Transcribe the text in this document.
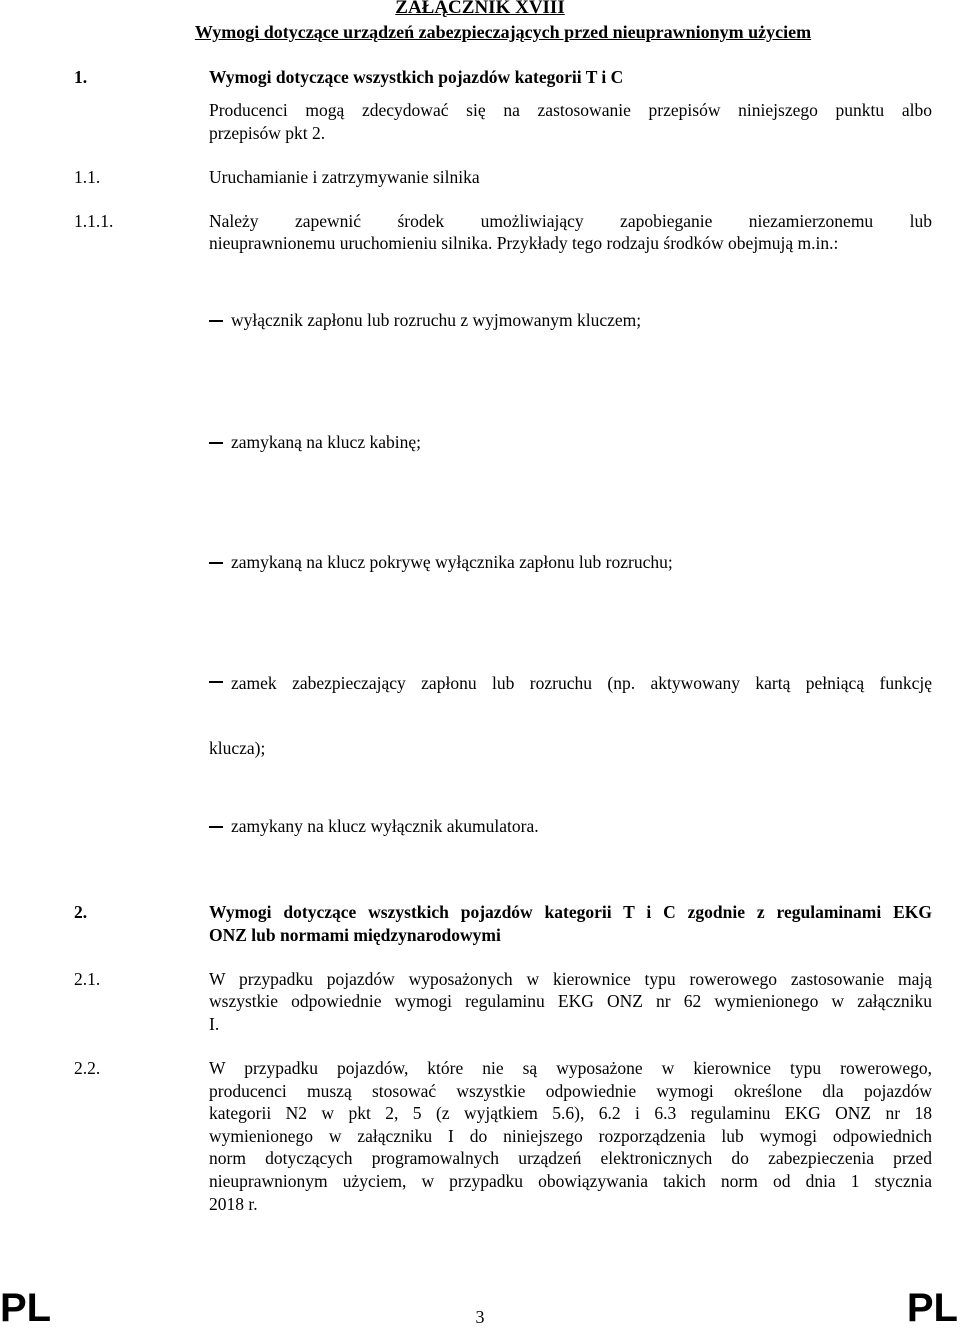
ZAŁĄCZNIK XVIII
Wymogi dotyczące urządzeń zabezpieczających przed nieuprawnionym użyciem
1.	Wymogi dotyczące wszystkich pojazdów kategorii T i C
Producenci mogą zdecydować się na zastosowanie przepisów niniejszego punktu albo
przepisów pkt 2.
1.1.	Uruchamianie i zatrzymywanie silnika
1.1.1.	Należy zapewnić środek umożliwiający zapobieganie niezamierzonemu lub
nieuprawnionemu uruchomieniu silnika. Przykłady tego rodzaju środków obejmują m.in.:
wyłącznik zapłonu lub rozruchu z wyjmowanym kluczem;
zamykaną na klucz kabinę;
zamykaną na klucz pokrywę wyłącznika zapłonu lub rozruchu;
zamek zabezpieczający zapłonu lub rozruchu (np. aktywowany kartą pełniącą funkcję
klucza);
zamykany na klucz wyłącznik akumulatora.
2.	Wymogi dotyczące wszystkich pojazdów kategorii T i C zgodnie z regulaminami EKG
ONZ lub normami międzynarodowymi
2.1.	W przypadku pojazdów wyposażonych w kierownice typu rowerowego zastosowanie mają
wszystkie odpowiednie wymogi regulaminu EKG ONZ nr 62 wymienionego w załączniku
I.
2.2.	W przypadku pojazdów, które nie są wyposażone w kierownice typu rowerowego,
producenci muszą stosować wszystkie odpowiednie wymogi określone dla pojazdów
kategorii N2 w pkt 2, 5 (z wyjątkiem 5.6), 6.2 i 6.3 regulaminu EKG ONZ nr 18
wymienionego w załączniku I do niniejszego rozporządzenia lub wymogi odpowiednich
norm dotyczących programowalnych urządzeń elektronicznych do zabezpieczenia przed
nieuprawnionym użyciem, w przypadku obowiązywania takich norm od dnia 1 stycznia
2018 r.
PL	3	PL
